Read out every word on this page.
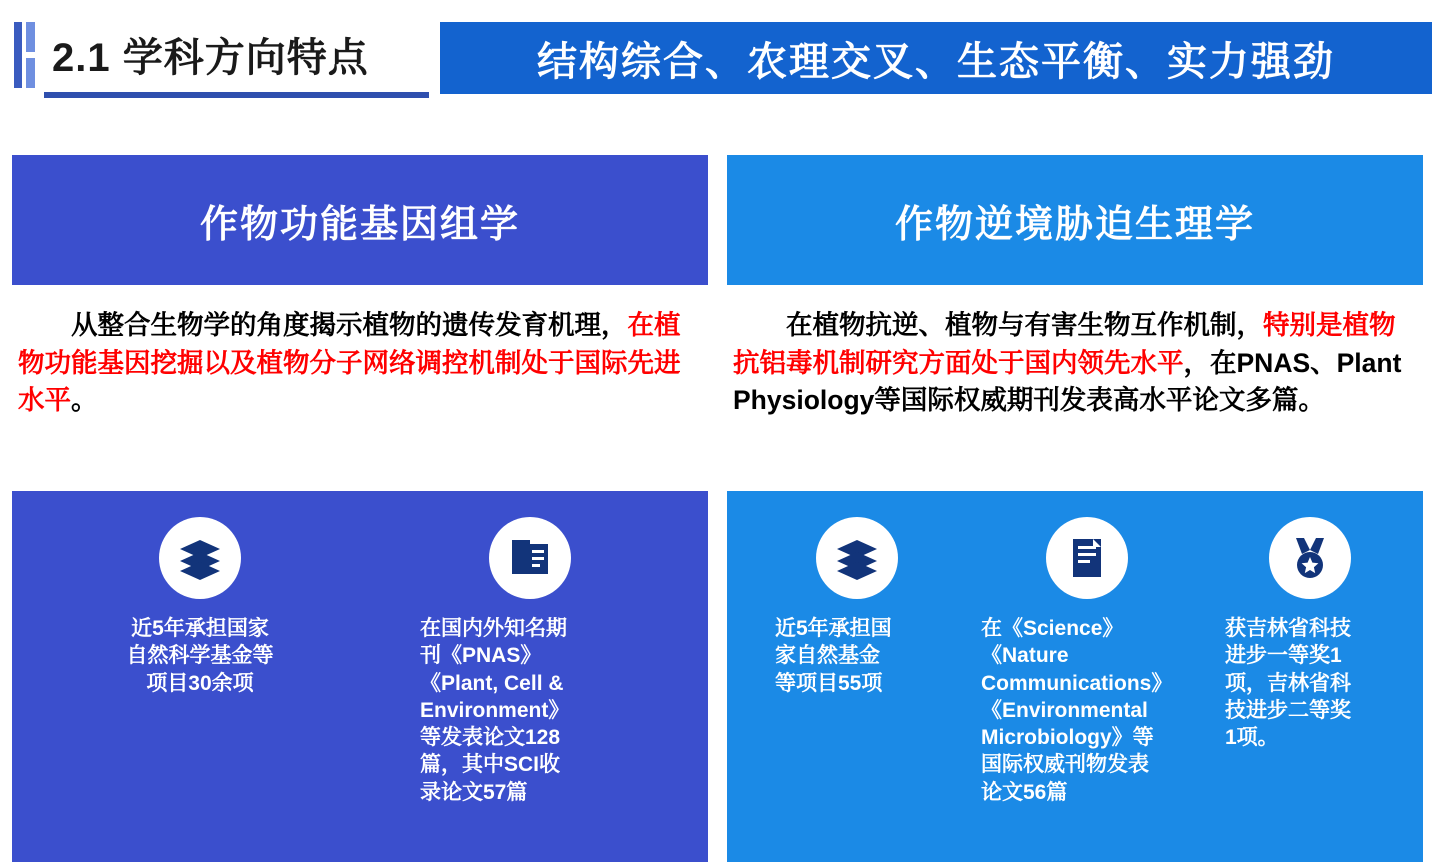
2.1 学科方向特点	结构综合、农理交叉、生态平衡、实力强劲
作物功能基因组学

从整合生物学的角度揭示植物的遗传发育机理，在植物功能基因挖掘以及植物分子网络调控机制处于国际先进水平。

近5年承担国家
自然科学基金等
项目30余项
在国内外知名期
刊《PNAS》
《Plant, Cell &
Environment》
等发表论文128
篇，其中SCI收
录论文57篇
作物逆境胁迫生理学

在植物抗逆、植物与有害生物互作机制，特别是植物抗铝毒机制研究方面处于国内领先水平，在PNAS、Plant Physiology等国际权威期刊发表高水平论文多篇。

近5年承担国
家自然基金
等项目55项
在《Science》
《Nature
Communications》
《Environmental
Microbiology》等
国际权威刊物发表
论文56篇
获吉林省科技
进步一等奖1
项，吉林省科
技进步二等奖
1项。
